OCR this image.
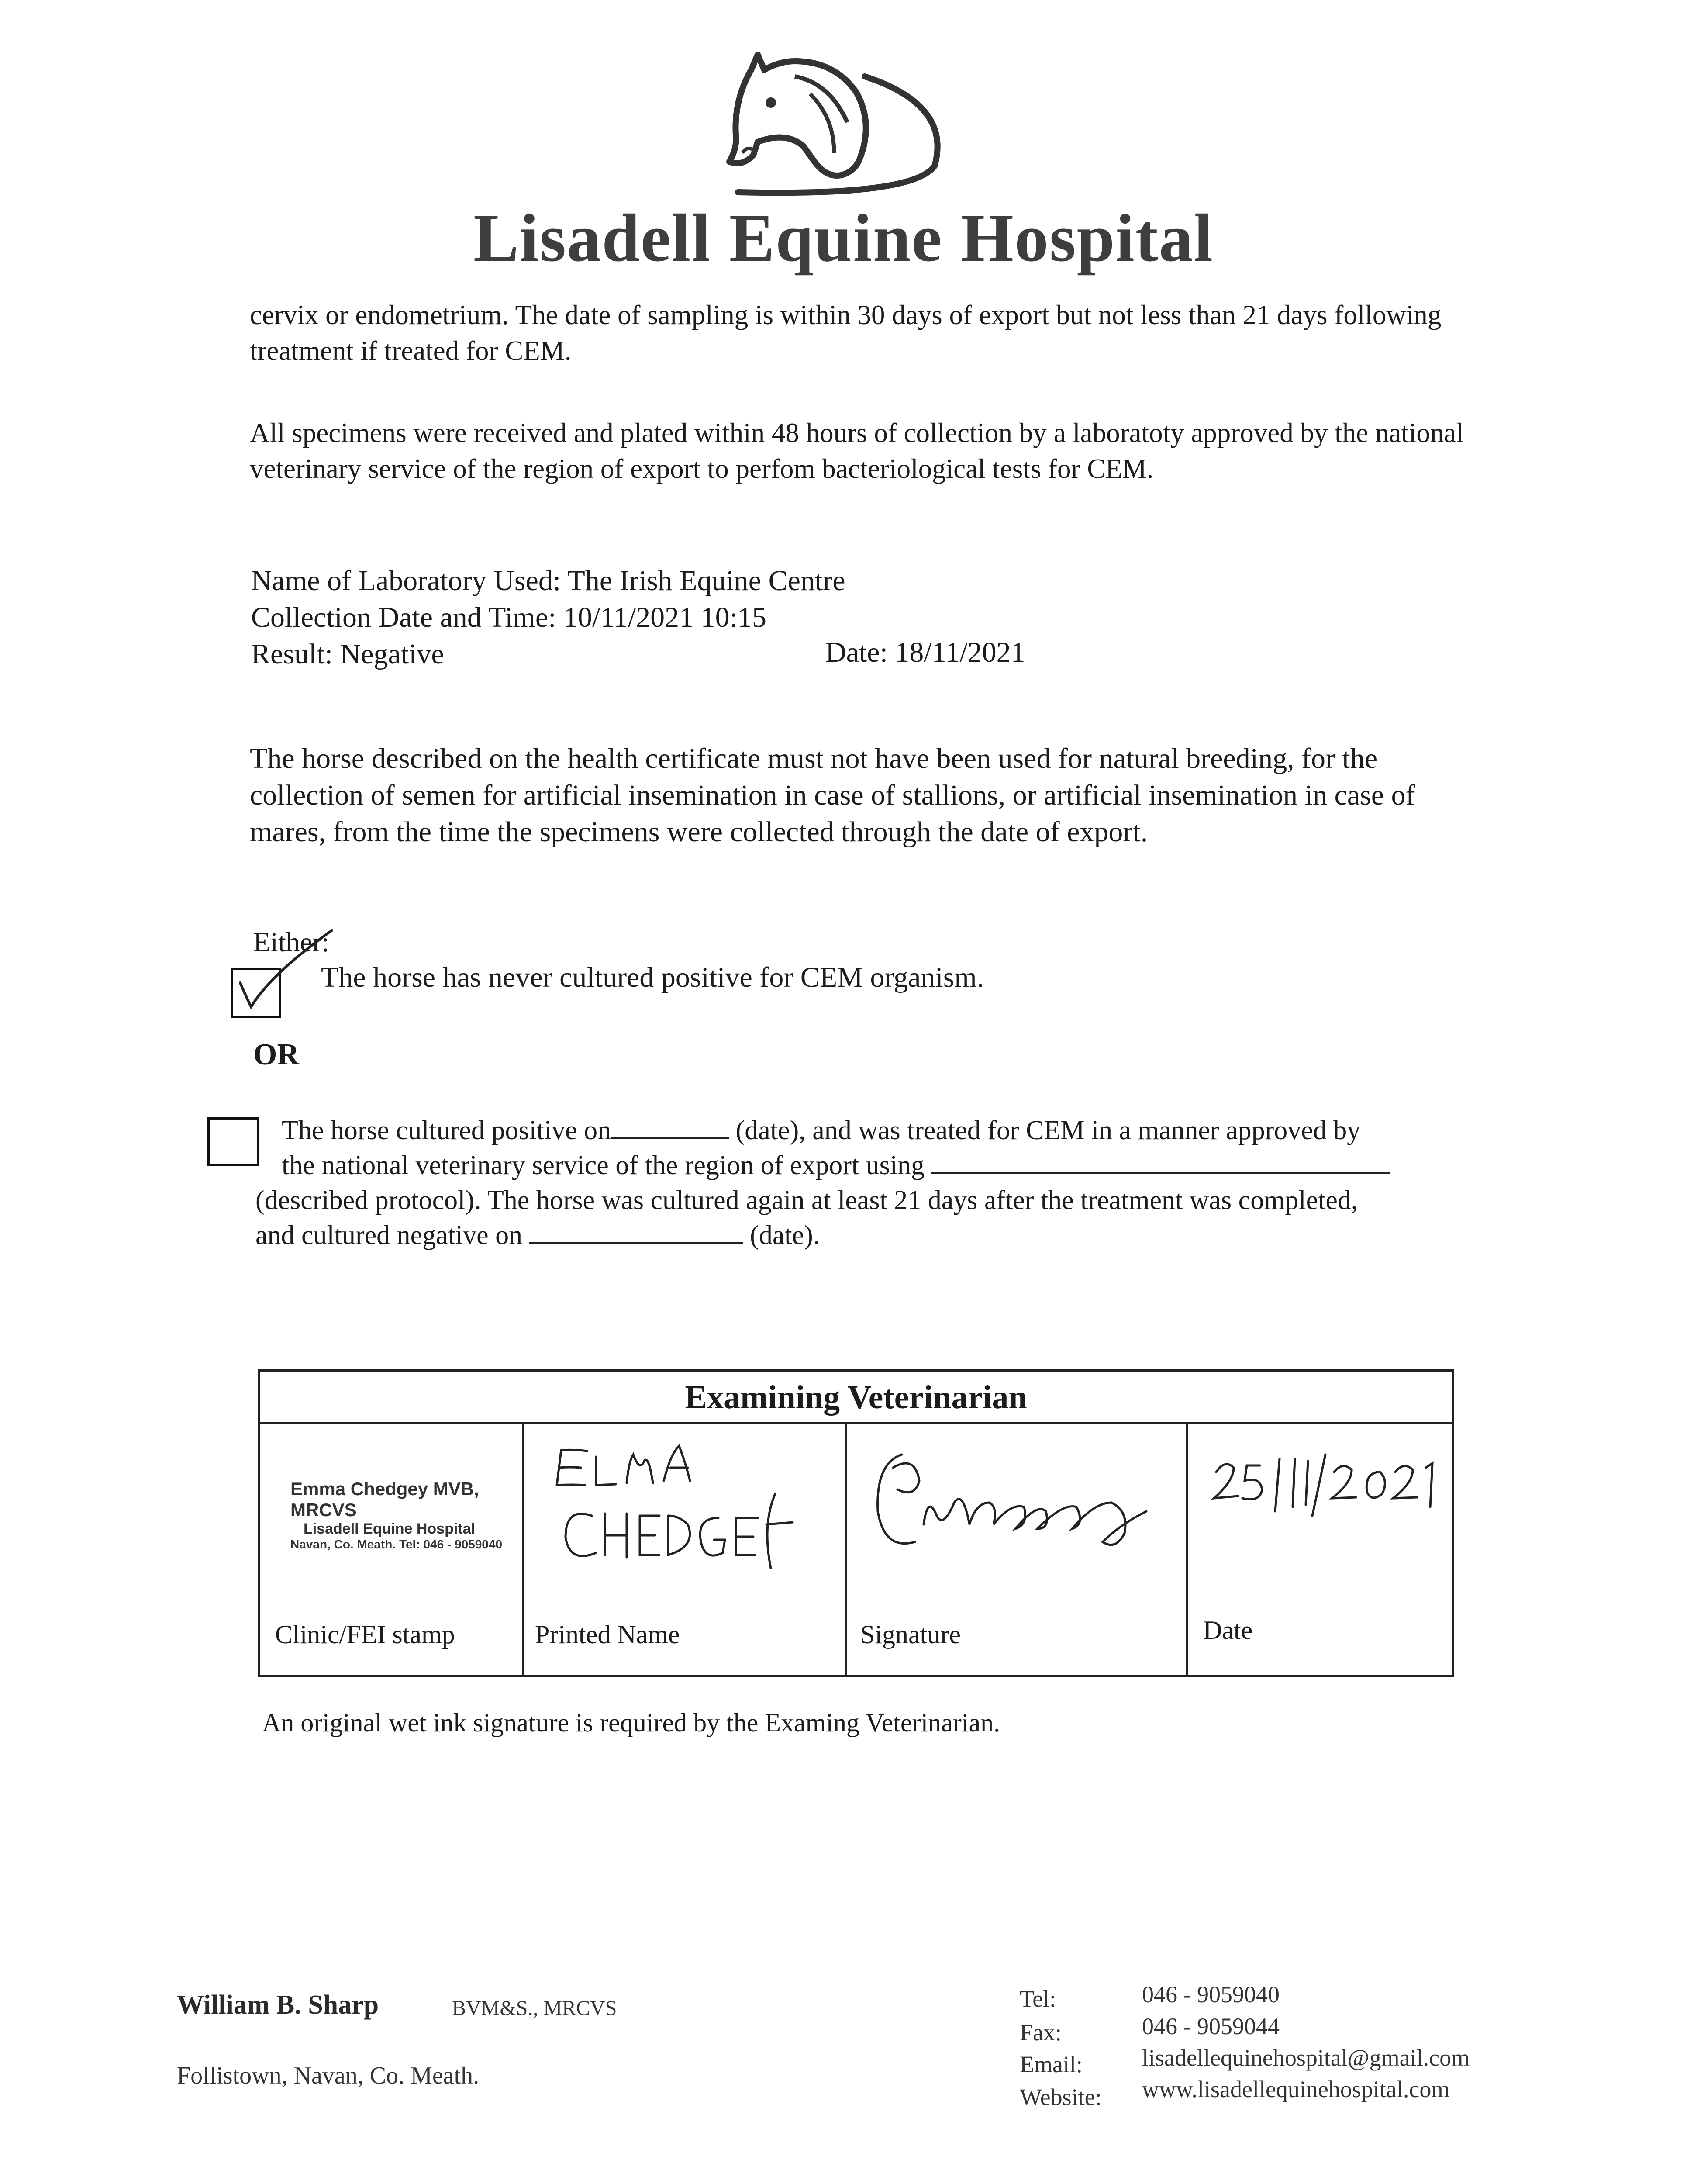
Lisadell Equine Hospital
cervix or endometrium. The date of sampling is within 30 days of export but not less than 21 days following treatment if treated for CEM.
All specimens were received and plated within 48 hours of collection by a laboratoty approved by the national veterinary service of the region of export to perfom bacteriological tests for CEM.
Name of Laboratory Used: The Irish Equine Centre
Collection Date and Time: 10/11/2021 10:15
Result: Negative	Date: 18/11/2021
The horse described on the health certificate must not have been used for natural breeding, for the collection of semen for artificial insemination in case of stallions, or artificial insemination in case of mares, from the time the specimens were collected through the date of export.
Either:
The horse has never cultured positive for CEM organism.
OR
The horse cultured positive on	(date), and was treated for CEM in a manner approved by
the national veterinary service of the region of export using
(described protocol). The horse was cultured again at least 21 days after the treatment was completed,
and cultured negative on	(date).
Examining Veterinarian
Emma Chedgey MVB, MRCVS
Lisadell Equine Hospital
Navan, Co. Meath. Tel: 046 - 9059040
Clinic/FEI stamp	Printed Name	Signature	Date
An original wet ink signature is required by the Examing Veterinarian.
William B. Sharp	BVM&S., MRCVS
Follistown, Navan, Co. Meath.
Tel:	046 - 9059040
Fax:	046 - 9059044
Email:	lisadellequinehospital@gmail.com
Website: www.lisadellequinehospital.com
